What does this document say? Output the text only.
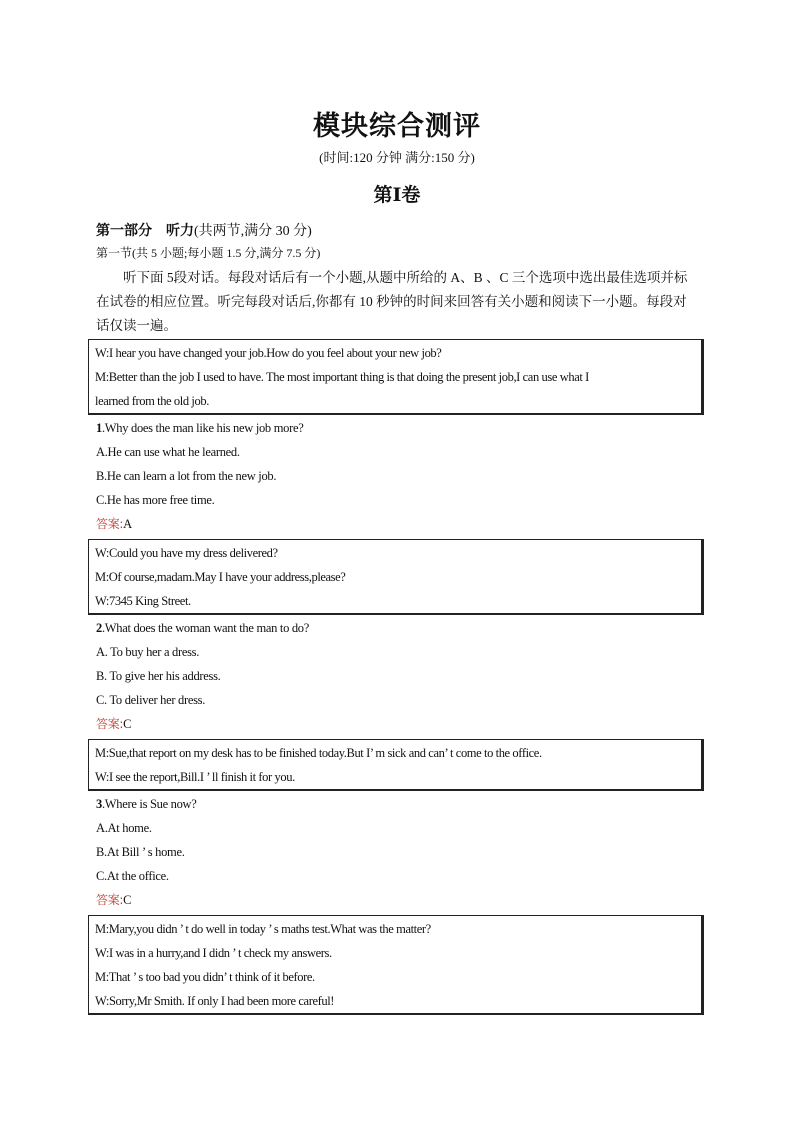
模块综合测评
(时间:120 分钟 满分:150 分)
第Ⅰ卷
第一部分 听力(共两节,满分 30 分)
第一节(共 5 小题;每小题 1.5 分,满分 7.5 分)
听下面 5段对话。每段对话后有一个小题,从题中所给的 A、B 、C 三个选项中选出最佳选项并标在试卷的相应位置。听完每段对话后,你都有 10 秒钟的时间来回答有关小题和阅读下一小题。每段对话仅读一遍。
W:I hear you have changed your job.How do you feel about your new job?
M:Better than the job I used to have. The most important thing is that doing the present job,I can use what I
learned from the old job.
1.Why does the man like his new job more?
A.He can use what he learned.
B.He can learn a lot from the new job.
C.He has more free time.
答案:A
W:Could you have my dress delivered?
M:Of course,madam.May I have your address,please?
W:7345 King Street.
2.What does the woman want the man to do?
A. To buy her a dress.
B. To give her his address.
C. To deliver her dress.
答案:C
M:Sue,that report on my desk has to be finished today.But I’ m sick and can’ t come to the office.
W:I see the report,Bill.I ’ ll finish it for you.
3.Where is Sue now?
A.At home.
B.At Bill ’ s home.
C.At the office.
答案:C
M:Mary,you didn ’ t do well in today ’ s maths test.What was the matter?
W:I was in a hurry,and I didn ’ t check my answers.
M:That ’ s too bad you didn’ t think of it before.
W:Sorry,Mr Smith. If only I had been more careful!
